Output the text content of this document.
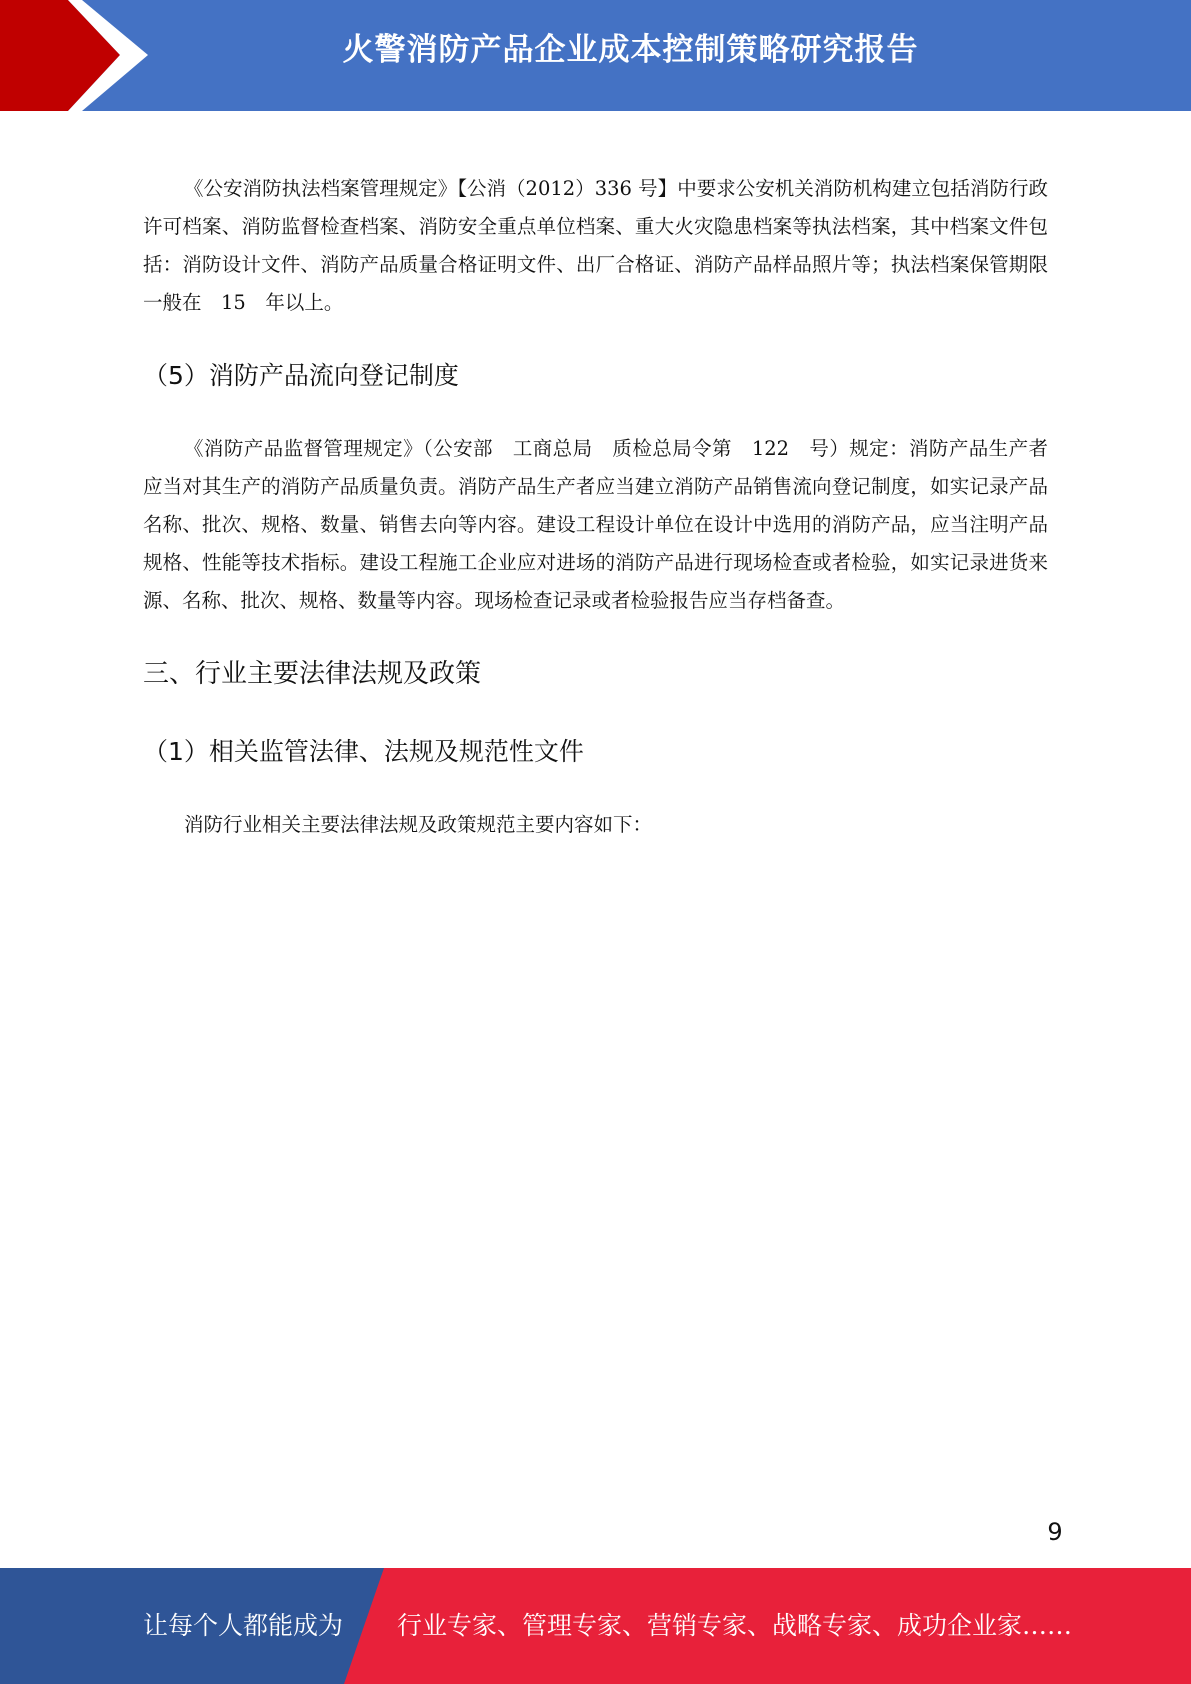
火警消防产品企业成本控制策略研究报告

《公安消防执法档案管理规定》【公消（2012）336 号】中要求公安机关消防机构建立包括消防行政许可档案、消防监督检查档案、消防安全重点单位档案、重大火灾隐患档案等执法档案，其中档案文件包括：消防设计文件、消防产品质量合格证明文件、出厂合格证、消防产品样品照片等；执法档案保管期限一般在　15　年以上。

（5）消防产品流向登记制度

《消防产品监督管理规定》（公安部　工商总局　质检总局令第　122　号）规定：消防产品生产者应当对其生产的消防产品质量负责。消防产品生产者应当建立消防产品销售流向登记制度，如实记录产品名称、批次、规格、数量、销售去向等内容。建设工程设计单位在设计中选用的消防产品，应当注明产品规格、性能等技术指标。建设工程施工企业应对进场的消防产品进行现场检查或者检验，如实记录进货来源、名称、批次、规格、数量等内容。现场检查记录或者检验报告应当存档备查。

三、行业主要法律法规及政策
（1）相关监管法律、法规及规范性文件

消防行业相关主要法律法规及政策规范主要内容如下：

9
让每个人都能成为 行业专家、管理专家、营销专家、战略专家、成功企业家……
